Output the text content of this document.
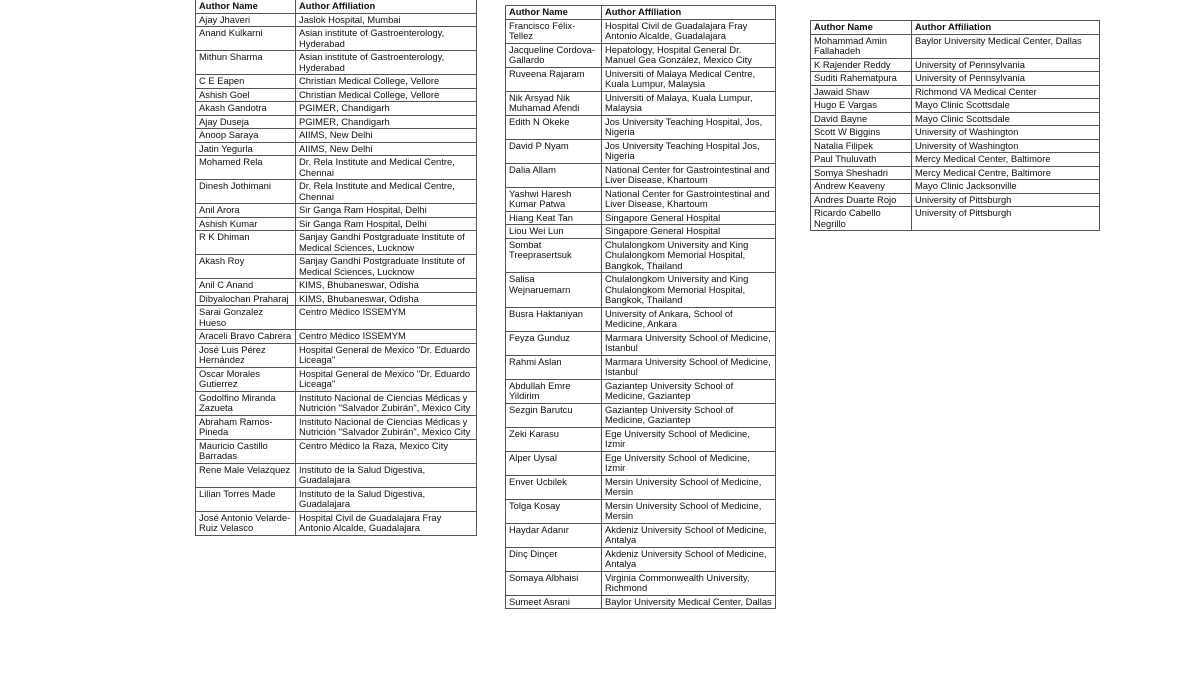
Author Name	Author Affiliation
Ajay Jhaveri	Jaslok Hospital, Mumbai
Anand Kulkarni	Asian institute of Gastroenterology, Hyderabad
Mithun Sharma	Asian institute of Gastroenterology, Hyderabad
C E Eapen	Christian Medical College, Vellore
Ashish Goel	Christian Medical College, Vellore
Akash Gandotra	PGIMER, Chandigarh
Ajay Duseja	PGIMER, Chandigarh
Anoop Saraya	AIIMS, New Delhi
Jatin Yegurla	AIIMS, New Delhi
Mohamed Rela	Dr. Rela Institute and Medical Centre, Chennai
Dinesh Jothimani	Dr. Rela Institute and Medical Centre, Chennai
Anil Arora	Sir Ganga Ram Hospital, Delhi
Ashish Kumar	Sir Ganga Ram Hospital, Delhi
R K Dhiman	Sanjay Gandhi Postgraduate Institute of Medical Sciences, Lucknow
Akash Roy	Sanjay Gandhi Postgraduate Institute of Medical Sciences, Lucknow
Anil C Anand	KIMS, Bhubaneswar, Odisha
Dibyalochan Praharaj	KIMS, Bhubaneswar, Odisha
Sarai Gonzalez Hueso	Centro Médico ISSEMYM
Araceli Bravo Cabrera	Centro Médico ISSEMYM
José Luis Pérez Hernández	Hospital General de Mexico "Dr. Eduardo Liceaga"
Oscar Morales Gutierrez	Hospital General de Mexico "Dr. Eduardo Liceaga"
Godolfino Miranda Zazueta	Instituto Nacional de Ciencias Médicas y Nutrición "Salvador Zubirán", Mexico City
Abraham Ramos-Pineda	Instituto Nacional de Ciencias Médicas y Nutrición "Salvador Zubirán", Mexico City
Mauricio Castillo Barradas	Centro Médico la Raza, Mexico City
Rene Male Velazquez	Instituto de la Salud Digestiva, Guadalajara
Lilian Torres Made	Instituto de la Salud Digestiva, Guadalajara
José Antonio Velarde-Ruiz Velasco	Hospital Civil de Guadalajara Fray Antonio Alcalde, Guadalajara
Author Name	Author Affiliation
Francisco Félix-Tellez	Hospital Civil de Guadalajara Fray Antonio Alcalde, Guadalajara
Jacqueline Cordova-Gallardo	Hepatology, Hospital General Dr. Manuel Gea González, Mexico City
Ruveena Rajaram	Universiti of Malaya Medical Centre, Kuala Lumpur, Malaysia
Nik Arsyad Nik Muhamad Afendi	Universiti of Malaya, Kuala Lumpur, Malaysia
Edith N Okeke	Jos University Teaching Hospital, Jos, Nigeria
David P Nyam	Jos University Teaching Hospital Jos, Nigeria
Dalia Allam	National Center for Gastrointestinal and Liver Disease, Khartoum
Yashwi Haresh Kumar Patwa	National Center for Gastrointestinal and Liver Disease, Khartoum
Hiang Keat Tan	Singapore General Hospital
Liou Wei Lun	Singapore General Hospital
Sombat Treeprasertsuk	Chulalongkom University and King Chulalongkom Memorial Hospital, Bangkok, Thailand
Salisa Wejnaruemarn	Chulalongkom University and King Chulalongkom Memorial Hospital, Bangkok, Thailand
Busra Haktaniyan	University of Ankara, School of Medicine, Ankara
Feyza Gunduz	Marmara University School of Medicine, Istanbul
Rahmi Aslan	Marmara University School of Medicine, Istanbul
Abdullah Emre Yildirim	Gaziantep University School of Medicine, Gaziantep
Sezgin Barutcu	Gaziantep University School of Medicine, Gaziantep
Zeki Karasu	Ege University School of Medicine, Izmir
Alper Uysal	Ege University School of Medicine, Izmir
Enver Ucbilek	Mersin University School of Medicine, Mersin
Tolga Kosay	Mersin University School of Medicine, Mersin
Haydar Adanır	Akdeniz University School of Medicine, Antalya
Dinç Dinçer	Akdeniz University School of Medicine, Antalya
Somaya Albhaisi	Virginia Commonwealth University, Richmond
Sumeet Asrani	Baylor University Medical Center, Dallas
Author Name	Author Affiliation
Mohammad Amin Fallahadeh	Baylor University Medical Center, Dallas
K Rajender Reddy	University of Pennsylvania
Suditi Rahematpura	University of Pennsylvania
Jawaid Shaw	Richmond VA Medical Center
Hugo E Vargas	Mayo Clinic Scottsdale
David Bayne	Mayo Clinic Scottsdale
Scott W Biggins	University of Washington
Natalia Filipek	University of Washington
Paul Thuluvath	Mercy Medical Center, Baltimore
Somya Sheshadri	Mercy Medical Centre, Baltimore
Andrew Keaveny	Mayo Clinic Jacksonville
Andres Duarte Rojo	University of Pittsburgh
Ricardo Cabello Negrillo	University of Pittsburgh
